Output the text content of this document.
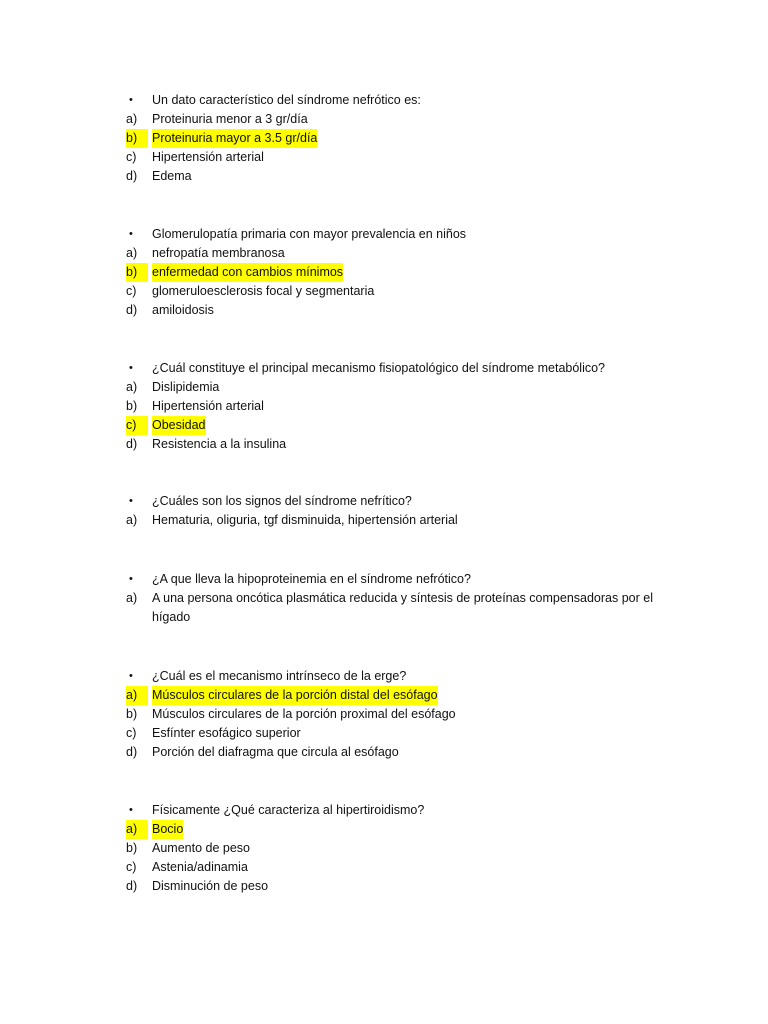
•	Un dato característico del síndrome nefrótico es:
a)	Proteinuria menor a 3 gr/día
b)	Proteinuria mayor a 3.5 gr/día
c)	Hipertensión arterial
d)	Edema
•	Glomerulopatía primaria con mayor prevalencia en niños
a)	nefropatía membranosa
b)	enfermedad con cambios mínimos
c)	glomeruloesclerosis focal y segmentaria
d)	amiloidosis
•	¿Cuál constituye el principal mecanismo fisiopatológico del síndrome metabólico?
a)	Dislipidemia
b)	Hipertensión arterial
c)	Obesidad
d)	Resistencia a la insulina
•	¿Cuáles son los signos del síndrome nefrítico?
a)	Hematuria, oliguria, tgf disminuida, hipertensión arterial
•	¿A que lleva la hipoproteinemia en el síndrome nefrótico?
a)	A una persona oncótica plasmática reducida y síntesis de proteínas compensadoras por el hígado
•	¿Cuál es el mecanismo intrínseco de la erge?
a)	Músculos circulares de la porción distal del esófago
b)	Músculos circulares de la porción proximal del esófago
c)	Esfínter esofágico superior
d)	Porción del diafragma que circula al esófago
•	Físicamente ¿Qué caracteriza al hipertiroidismo?
a)	Bocio
b)	Aumento de peso
c)	Astenia/adinamia
d)	Disminución de peso
